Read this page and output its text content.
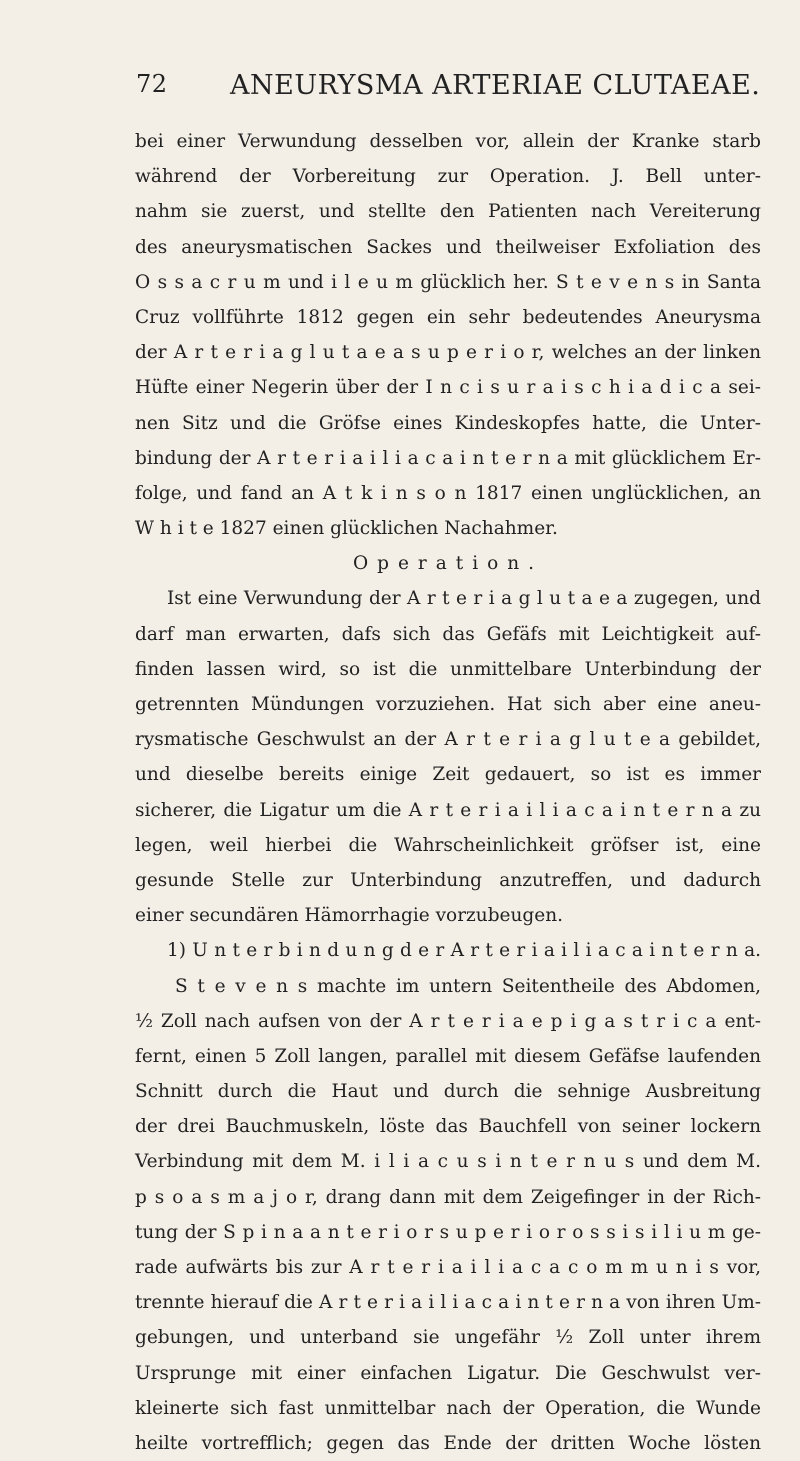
72 ANEURYSMA ARTERIAE CLUTAEAE.
bei einer Verwundung desselben vor, allein der Kranke starb
während der Vorbereitung zur Operation. J. Bell unter-
nahm sie zuerst, und stellte den Patienten nach Vereiterung
des aneurysmatischen Sackes und theilweiser Exfoliation des
O s s a c r u m und i l e u m glücklich her. S t e v e n s in Santa
Cruz vollführte 1812 gegen ein sehr bedeutendes Aneurysma
der A r t e r i a g l u t a e a s u p e r i o r, welches an der linken
Hüfte einer Negerin über der I n c i s u r a i s c h i a d i c a sei-
nen Sitz und die Gröfse eines Kindeskopfes hatte, die Unter-
bindung der A r t e r i a i l i a c a i n t e r n a mit glücklichem Er-
folge, und fand an A t k i n s o n 1817 einen unglücklichen, an
W h i t e 1827 einen glücklichen Nachahmer.
Operation.
Ist eine Verwundung der A r t e r i a g l u t a e a zugegen, und
darf man erwarten, dafs sich das Gefäfs mit Leichtigkeit auf-
finden lassen wird, so ist die unmittelbare Unterbindung der
getrennten Mündungen vorzuziehen. Hat sich aber eine aneu-
rysmatische Geschwulst an der A r t e r i a g l u t e a gebildet,
und dieselbe bereits einige Zeit gedauert, so ist es immer
sicherer, die Ligatur um die A r t e r i a i l i a c a i n t e r n a zu
legen, weil hierbei die Wahrscheinlichkeit gröfser ist, eine
gesunde Stelle zur Unterbindung anzutreffen, und dadurch
einer secundären Hämorrhagie vorzubeugen.
1) U n t e r b i n d u n g d e r A r t e r i a i l i a c a i n t e r n a.
S t e v e n s machte im untern Seitentheile des Abdomen,
½ Zoll nach aufsen von der A r t e r i a e p i g a s t r i c a ent-
fernt, einen 5 Zoll langen, parallel mit diesem Gefäfse laufenden
Schnitt durch die Haut und durch die sehnige Ausbreitung
der drei Bauchmuskeln, löste das Bauchfell von seiner lockern
Verbindung mit dem M. i l i a c u s i n t e r n u s und dem M.
p s o a s m a j o r, drang dann mit dem Zeigefinger in der Rich-
tung der S p i n a a n t e r i o r s u p e r i o r o s s i s i l i u m ge-
rade aufwärts bis zur A r t e r i a i l i a c a c o m m u n i s vor,
trennte hierauf die A r t e r i a i l i a c a i n t e r n a von ihren Um-
gebungen, und unterband sie ungefähr ½ Zoll unter ihrem
Ursprunge mit einer einfachen Ligatur. Die Geschwulst ver-
kleinerte sich fast unmittelbar nach der Operation, die Wunde
heilte vortrefflich; gegen das Ende der dritten Woche lösten
